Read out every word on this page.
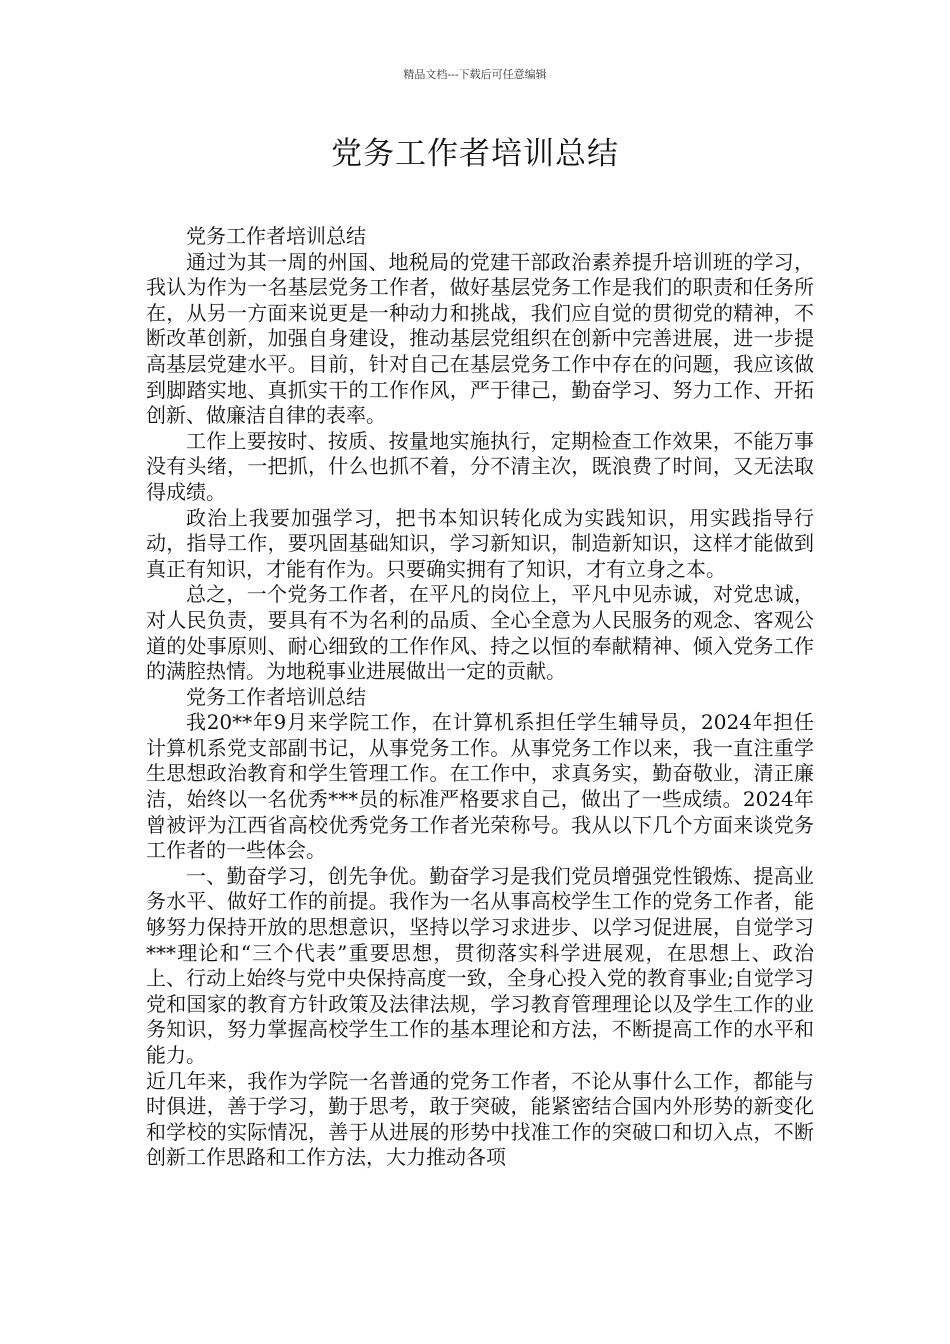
精品文档---下载后可任意编辑
党务工作者培训总结

党务工作者培训总结

通过为其一周的州国、地税局的党建干部政治素养提升培训班的学习，我认为作为一名基层党务工作者，做好基层党务工作是我们的职责和任务所在，从另一方面来说更是一种动力和挑战，我们应自觉的贯彻党的精神，不断改革创新，加强自身建设，推动基层党组织在创新中完善进展，进一步提高基层党建水平。目前，针对自己在基层党务工作中存在的问题，我应该做到脚踏实地、真抓实干的工作作风，严于律己，勤奋学习、努力工作、开拓创新、做廉洁自律的表率。

工作上要按时、按质、按量地实施执行，定期检查工作效果，不能万事没有头绪，一把抓，什么也抓不着，分不清主次，既浪费了时间，又无法取得成绩。

政治上我要加强学习，把书本知识转化成为实践知识，用实践指导行动，指导工作，要巩固基础知识，学习新知识，制造新知识，这样才能做到真正有知识，才能有作为。只要确实拥有了知识，才有立身之本。

总之，一个党务工作者，在平凡的岗位上，平凡中见赤诚，对党忠诚，对人民负责，要具有不为名利的品质、全心全意为人民服务的观念、客观公道的处事原则、耐心细致的工作作风、持之以恒的奉献精神、倾入党务工作的满腔热情。为地税事业进展做出一定的贡献。

党务工作者培训总结

我20**年9月来学院工作，在计算机系担任学生辅导员，2024年担任计算机系党支部副书记，从事党务工作。从事党务工作以来，我一直注重学生思想政治教育和学生管理工作。在工作中，求真务实，勤奋敬业，清正廉洁，始终以一名优秀***员的标准严格要求自己，做出了一些成绩。2024年曾被评为江西省高校优秀党务工作者光荣称号。我从以下几个方面来谈党务工作者的一些体会。

一、勤奋学习，创先争优。勤奋学习是我们党员增强党性锻炼、提高业务水平、做好工作的前提。我作为一名从事高校学生工作的党务工作者，能够努力保持开放的思想意识，坚持以学习求进步、以学习促进展，自觉学习***理论和“三个代表”重要思想，贯彻落实科学进展观，在思想上、政治上、行动上始终与党中央保持高度一致，全身心投入党的教育事业;自觉学习党和国家的教育方针政策及法律法规，学习教育管理理论以及学生工作的业务知识，努力掌握高校学生工作的基本理论和方法，不断提高工作的水平和能力。

近几年来，我作为学院一名普通的党务工作者，不论从事什么工作，都能与时俱进，善于学习，勤于思考，敢于突破，能紧密结合国内外形势的新变化和学校的实际情况，善于从进展的形势中找准工作的突破口和切入点，不断创新工作思路和工作方法，大力推动各项
